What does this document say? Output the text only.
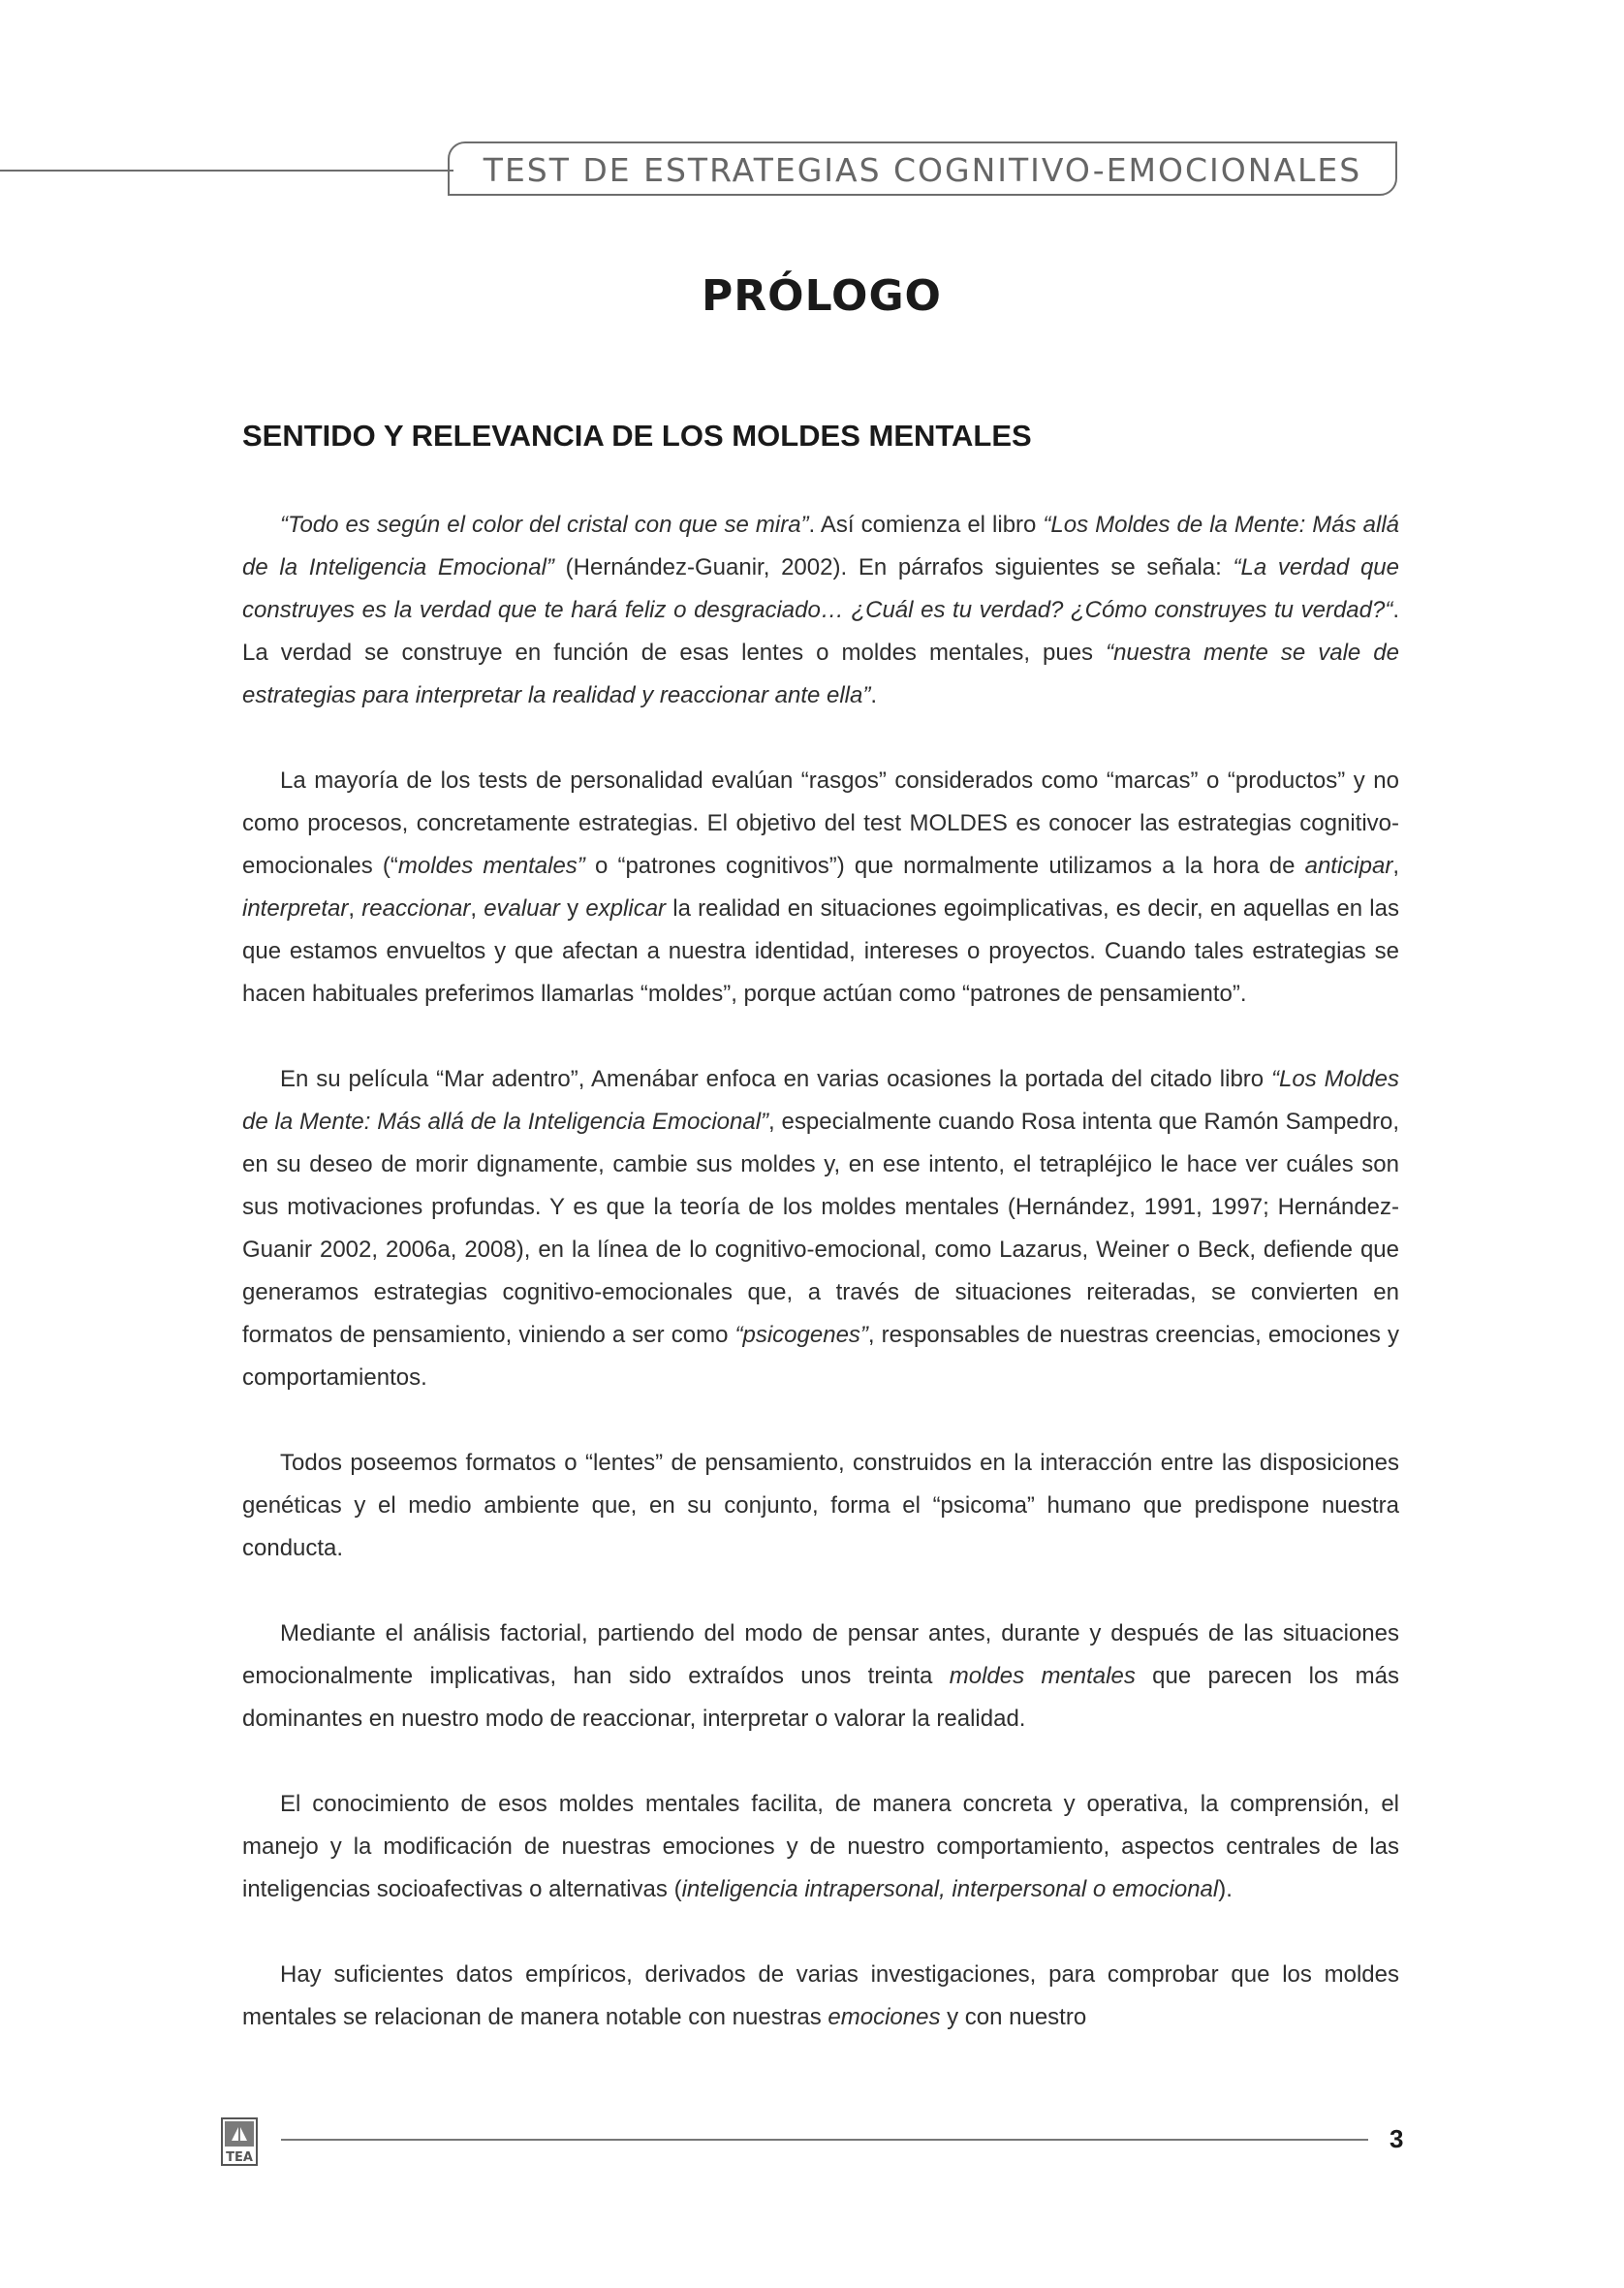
TEST DE ESTRATEGIAS COGNITIVO-EMOCIONALES
PRÓLOGO
SENTIDO Y RELEVANCIA DE LOS MOLDES MENTALES

“Todo es según el color del cristal con que se mira”. Así comienza el libro “Los Moldes de la Mente: Más allá de la Inteligencia Emocional” (Hernández-Guanir, 2002). En párrafos siguientes se señala: “La verdad que construyes es la verdad que te hará feliz o desgraciado… ¿Cuál es tu verdad? ¿Cómo construyes tu verdad?“. La verdad se construye en función de esas lentes o moldes mentales, pues “nuestra mente se vale de estrategias para interpretar la realidad y reaccionar ante ella”.

La mayoría de los tests de personalidad evalúan “rasgos” considerados como “marcas” o “productos” y no como procesos, concretamente estrategias. El objetivo del test MOLDES es conocer las estrategias cognitivo-emocionales (“moldes mentales” o “patrones cognitivos”) que normalmente utilizamos a la hora de anticipar, interpretar, reaccionar, evaluar y explicar la realidad en situaciones egoimplicativas, es decir, en aquellas en las que estamos envueltos y que afectan a nuestra identidad, intereses o proyectos. Cuando tales estrategias se hacen habituales preferimos llamarlas “moldes”, porque actúan como “patrones de pensamiento”.

En su película “Mar adentro”, Amenábar enfoca en varias ocasiones la portada del citado libro “Los Moldes de la Mente: Más allá de la Inteligencia Emocional”, especialmente cuando Rosa intenta que Ramón Sampedro, en su deseo de morir dignamente, cambie sus moldes y, en ese intento, el tetrapléjico le hace ver cuáles son sus motivaciones profundas. Y es que la teoría de los moldes mentales (Hernández, 1991, 1997; Hernández-Guanir 2002, 2006a, 2008), en la línea de lo cognitivo-emocional, como Lazarus, Weiner o Beck, defiende que generamos estrategias cognitivo-emocionales que, a través de situaciones reiteradas, se convierten en formatos de pensamiento, viniendo a ser como “psicogenes”, responsables de nuestras creencias, emociones y comportamientos.

Todos poseemos formatos o “lentes” de pensamiento, construidos en la interacción entre las disposiciones genéticas y el medio ambiente que, en su conjunto, forma el “psicoma” humano que predispone nuestra conducta.

Mediante el análisis factorial, partiendo del modo de pensar antes, durante y después de las situaciones emocionalmente implicativas, han sido extraídos unos treinta moldes mentales que parecen los más dominantes en nuestro modo de reaccionar, interpretar o valorar la realidad.

El conocimiento de esos moldes mentales facilita, de manera concreta y operativa, la comprensión, el manejo y la modificación de nuestras emociones y de nuestro comportamiento, aspectos centrales de las inteligencias socioafectivas o alternativas (inteligencia intrapersonal, interpersonal o emocional).

Hay suficientes datos empíricos, derivados de varias investigaciones, para comprobar que los moldes mentales se relacionan de manera notable con nuestras emociones y con nuestro

TEA
3
